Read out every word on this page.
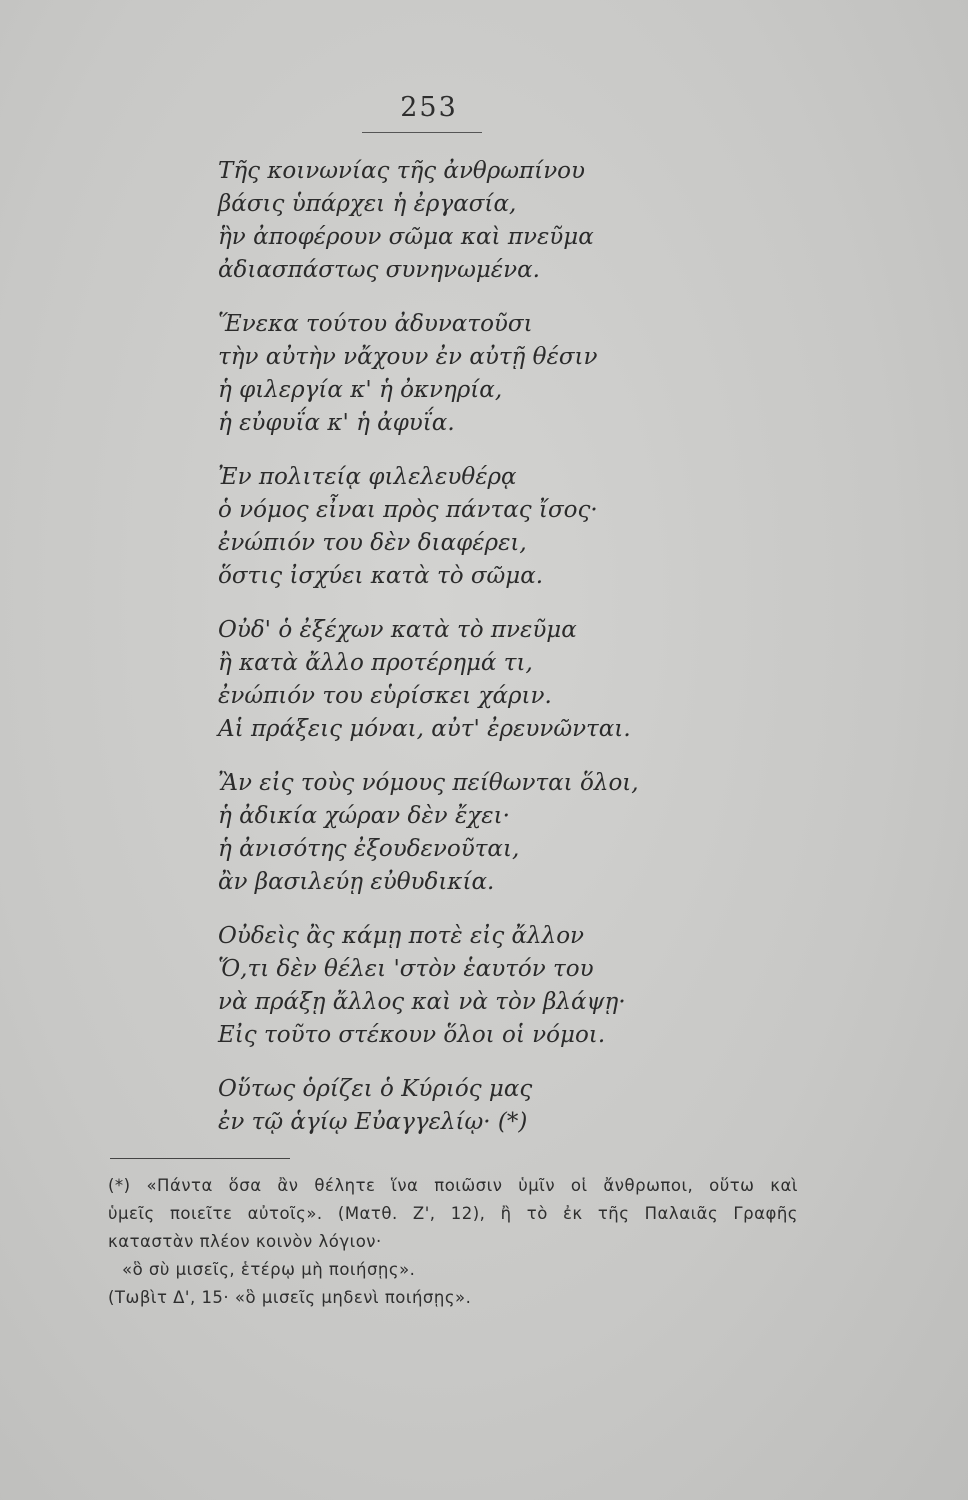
253
Τῆς κοινωνίας τῆς ἀνθρωπίνου
βάσις ὑπάρχει ἡ ἐργασία,
ἣν ἀποφέρουν σῶμα καὶ πνεῦμα
ἀδιασπάστως συνηνωμένα.
Ἕνεκα τούτου ἀδυνατοῦσι
τὴν αὐτὴν νἄχουν ἐν αὐτῇ θέσιν
ἡ φιλεργία κ' ἡ ὀκνηρία,
ἡ εὐφυΐα κ' ἡ ἀφυΐα.
Ἐν πολιτείᾳ φιλελευθέρᾳ
ὁ νόμος εἶναι πρὸς πάντας ἴσος·
ἐνώπιόν του δὲν διαφέρει,
ὅστις ἰσχύει κατὰ τὸ σῶμα.
Οὐδ' ὁ ἐξέχων κατὰ τὸ πνεῦμα
ἢ κατὰ ἄλλο προτέρημά τι,
ἐνώπιόν του εὑρίσκει χάριν.
Αἱ πράξεις μόναι, αὐτ' ἐρευνῶνται.
Ἂν εἰς τοὺς νόμους πείθωνται ὅλοι,
ἡ ἀδικία χώραν δὲν ἔχει·
ἡ ἀνισότης ἐξουδενοῦται,
ἂν βασιλεύῃ εὐθυδικία.
Οὐδεὶς ἂς κάμῃ ποτὲ εἰς ἄλλον
Ὅ,τι δὲν θέλει 'στὸν ἑαυτόν του
νὰ πράξῃ ἄλλος καὶ νὰ τὸν βλάψῃ·
Εἰς τοῦτο στέκουν ὅλοι οἱ νόμοι.
Οὕτως ὁρίζει ὁ Κύριός μας
ἐν τῷ ἁγίῳ Εὐαγγελίῳ· (*)
(*) «Πάντα ὅσα ἂν θέλητε ἵνα ποιῶσιν ὑμῖν οἱ ἄνθρωποι, οὕτω καὶ
ὑμεῖς ποιεῖτε αὐτοῖς». (Ματθ. Ζ', 12), ἢ τὸ ἐκ τῆς Παλαιᾶς Γραφῆς
καταστὰν πλέον κοινὸν λόγιον·
«ὃ σὺ μισεῖς, ἑτέρῳ μὴ ποιήσῃς».
(Τωβὶτ Δ', 15· «ὃ μισεῖς μηδενὶ ποιήσῃς».
